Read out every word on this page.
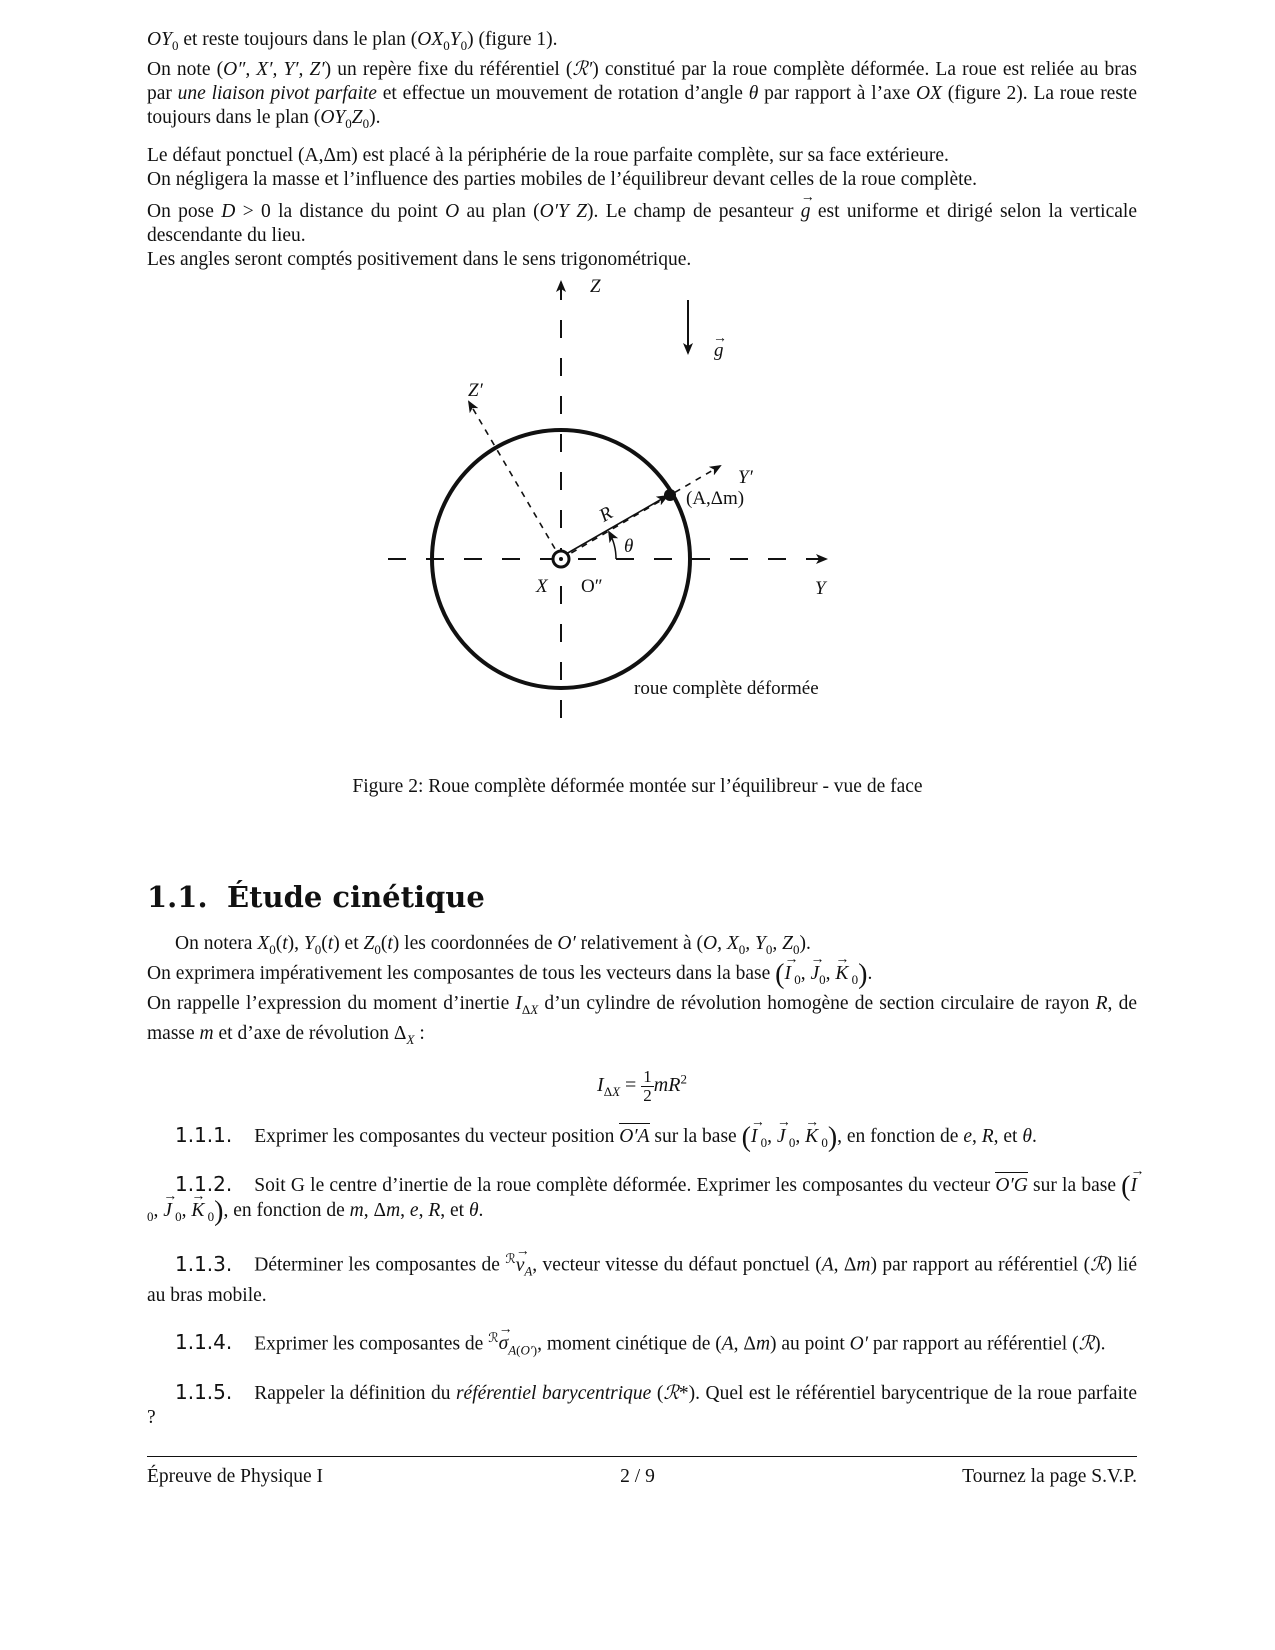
$OY_0$ et reste toujours dans le plan $(OX_0Y_0)$ (figure 1).

On note (O″, X′, Y′, Z′) un repère fixe du référentiel (ℛ′) constitué par la roue complète déformée. La roue est reliée au bras par une liaison pivot parfaite et effectue un mouvement de rotation d’angle θ par rapport à l’axe OX (figure 2). La roue reste toujours dans le plan $(OY_0Z_0)$.

Le défaut ponctuel (A,Δm) est placé à la périphérie de la roue parfaite complète, sur sa face extérieure.

On négligera la masse et l’influence des parties mobiles de l’équilibreur devant celles de la roue complète.

On pose D > 0 la distance du point O au plan (O′Y Z). Le champ de pesanteur → g est uniforme et dirigé selon la verticale descendante du lieu.

Les angles seront comptés positivement dans le sens trigonométrique.

Z
g
→
Z′
Y′
(A,Δm)
R
θ
X O″	Y
roue complète déformée
Figure 2: Roue complète déformée montée sur l’équilibreur - vue de face
1.1. Étude cinétique

On notera $X_0(t)$, $Y_0(t)$ et $Z_0(t)$ les coordonnées de O′ relativement à (O, $X_0$, $Y_0$, $Z_0$).

On exprimera impérativement les composantes de tous les vecteurs dans la base (→ I $_0$, → $J_0$, → K $_0$).

On rappelle l’expression du moment d’inertie $I_{\Delta X}$ d’un cylindre de révolution homogène de section circulaire de rayon R, de masse m et d’axe de révolution $\Delta_X$ :

$I_{\Delta X} = \frac{1}{2} mR^2$

1.1.1. Exprimer les composantes du vecteur position O′A sur la base (→ I $_0$, → J $_0$, → K $_0$), en fonction de e, R, et θ.

1.1.2. Soit G le centre d’inertie de la roue complète déformée. Exprimer les composantes du vecteur O′G sur la base (→ I $_0$, → J $_0$, → K $_0$), en fonction de m, Δm, e, R, et θ.

1.1.3. Déterminer les composantes de $^ℛ\to v_A$, vecteur vitesse du défaut ponctuel (A, Δm) par rapport au référentiel (ℛ) lié au bras mobile.

1.1.4. Exprimer les composantes de $^ℛ\to \sigma_{A(O')}$, moment cinétique de (A, Δm) au point O′ par rapport au référentiel (ℛ).

1.1.5. Rappeler la définition du référentiel barycentrique (ℛ*). Quel est le référentiel barycentrique de la roue parfaite ?

Épreuve de Physique I	2 / 9	Tournez la page S.V.P.
